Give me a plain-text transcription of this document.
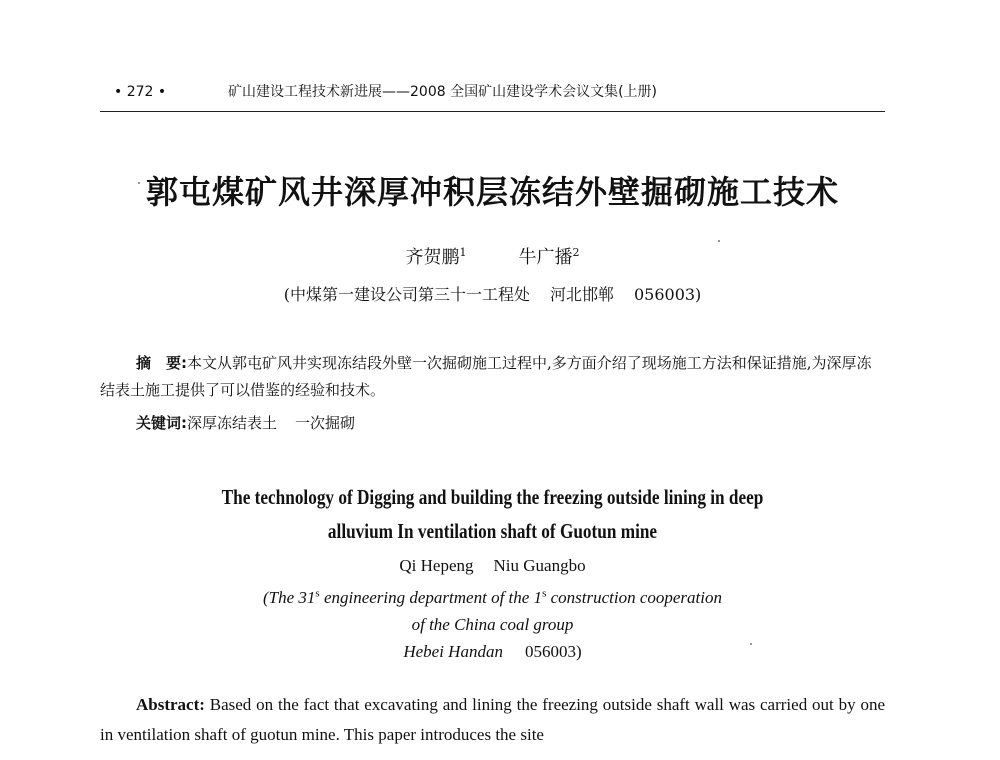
• 272 •	矿山建设工程技术新进展——2008 全国矿山建设学术会议文集(上册)
郭屯煤矿风井深厚冲积层冻结外壁掘砌施工技术
齐贺鹏$^1$	牛广播$^2$
(中煤第一建设公司第三十一工程处 河北邯郸 056003)

摘　要:本文从郭屯矿风井实现冻结段外壁一次掘砌施工过程中,多方面介绍了现场施工方法和保证措施,为深厚冻结表土施工提供了可以借鉴的经验和技术。

关键词:深厚冻结表土 一次掘砌
The technology of Digging and building the freezing outside lining in deep
alluvium In ventilation shaft of Guotun mine
Qi Hepeng Niu Guangbo
(The 31$^s$ engineering department of the 1$^s$ construction cooperation
of the China coal group
Hebei Handan 056003)

Abstract: Based on the fact that excavating and lining the freezing outside shaft wall was carried out by one in ventilation shaft of guotun mine. This paper introduces the site
